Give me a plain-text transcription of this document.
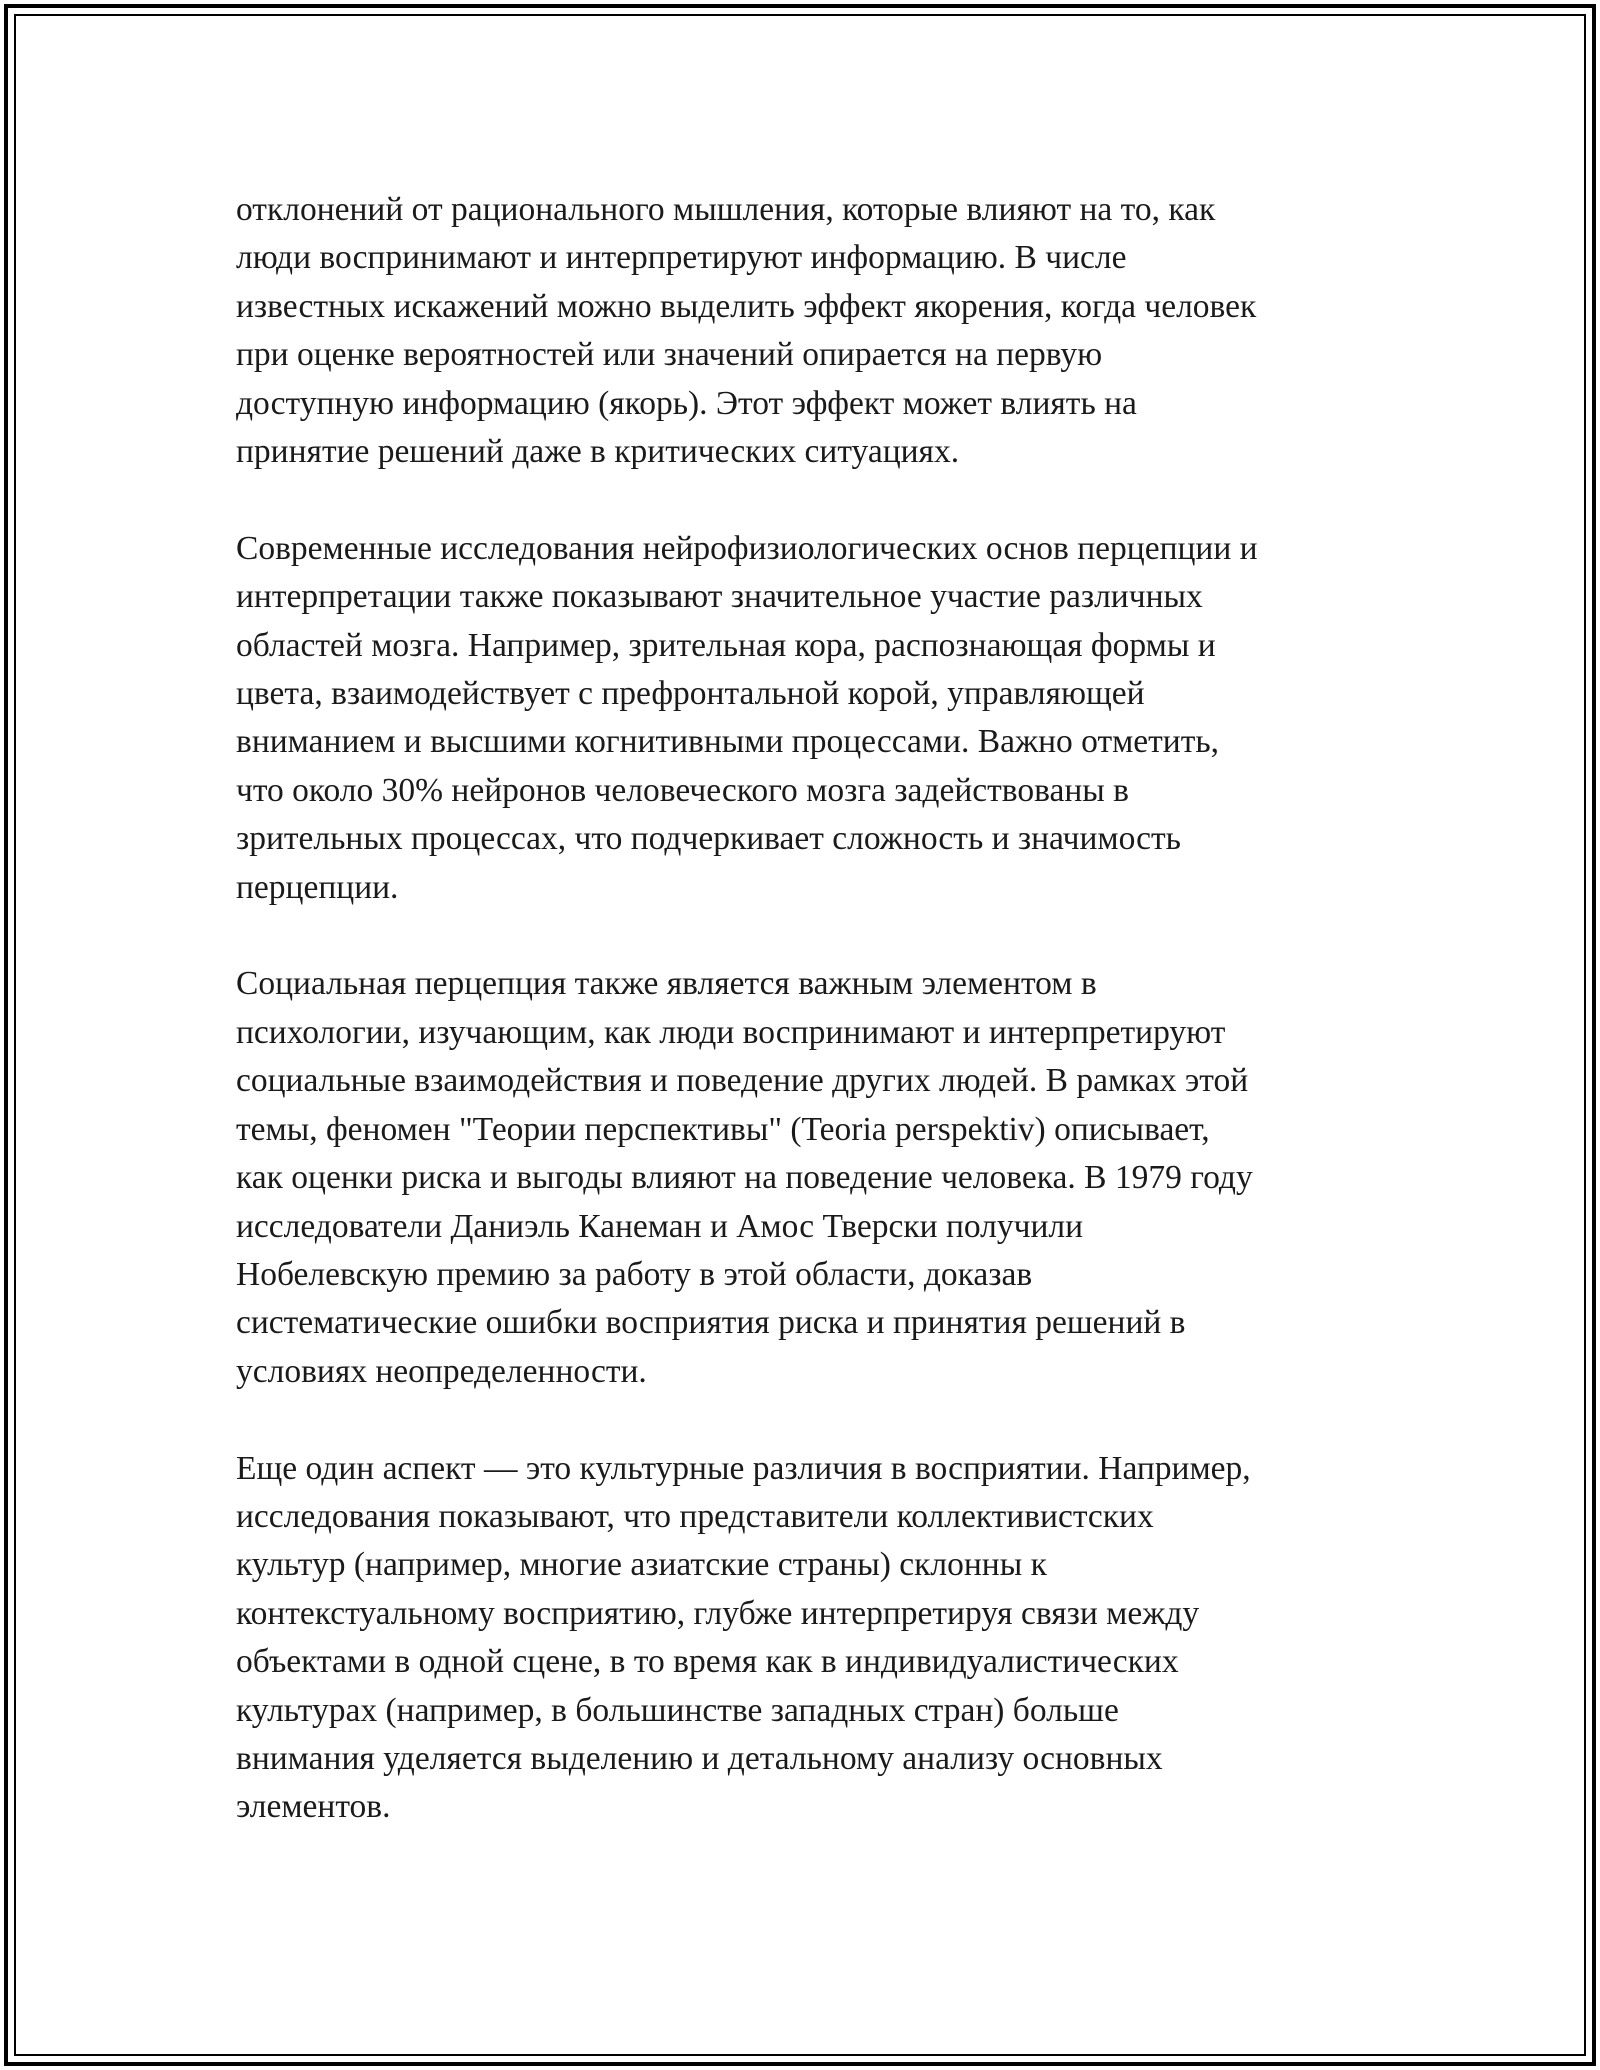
отклонений от рационального мышления, которые влияют на то, как
люди воспринимают и интерпретируют информацию. В числе
известных искажений можно выделить эффект якорения, когда человек
при оценке вероятностей или значений опирается на первую
доступную информацию (якорь). Этот эффект может влиять на
принятие решений даже в критических ситуациях.

Современные исследования нейрофизиологических основ перцепции и
интерпретации также показывают значительное участие различных
областей мозга. Например, зрительная кора, распознающая формы и
цвета, взаимодействует с префронтальной корой, управляющей
вниманием и высшими когнитивными процессами. Важно отметить,
что около 30% нейронов человеческого мозга задействованы в
зрительных процессах, что подчеркивает сложность и значимость
перцепции.

Социальная перцепция также является важным элементом в
психологии, изучающим, как люди воспринимают и интерпретируют
социальные взаимодействия и поведение других людей. В рамках этой
темы, феномен "Теории перспективы" (Teoria perspektiv) описывает,
как оценки риска и выгоды влияют на поведение человека. В 1979 году
исследователи Даниэль Канеман и Амос Тверски получили
Нобелевскую премию за работу в этой области, доказав
систематические ошибки восприятия риска и принятия решений в
условиях неопределенности.

Еще один аспект — это культурные различия в восприятии. Например,
исследования показывают, что представители коллективистских
культур (например, многие азиатские страны) склонны к
контекстуальному восприятию, глубже интерпретируя связи между
объектами в одной сцене, в то время как в индивидуалистических
культурах (например, в большинстве западных стран) больше
внимания уделяется выделению и детальному анализу основных
элементов.
